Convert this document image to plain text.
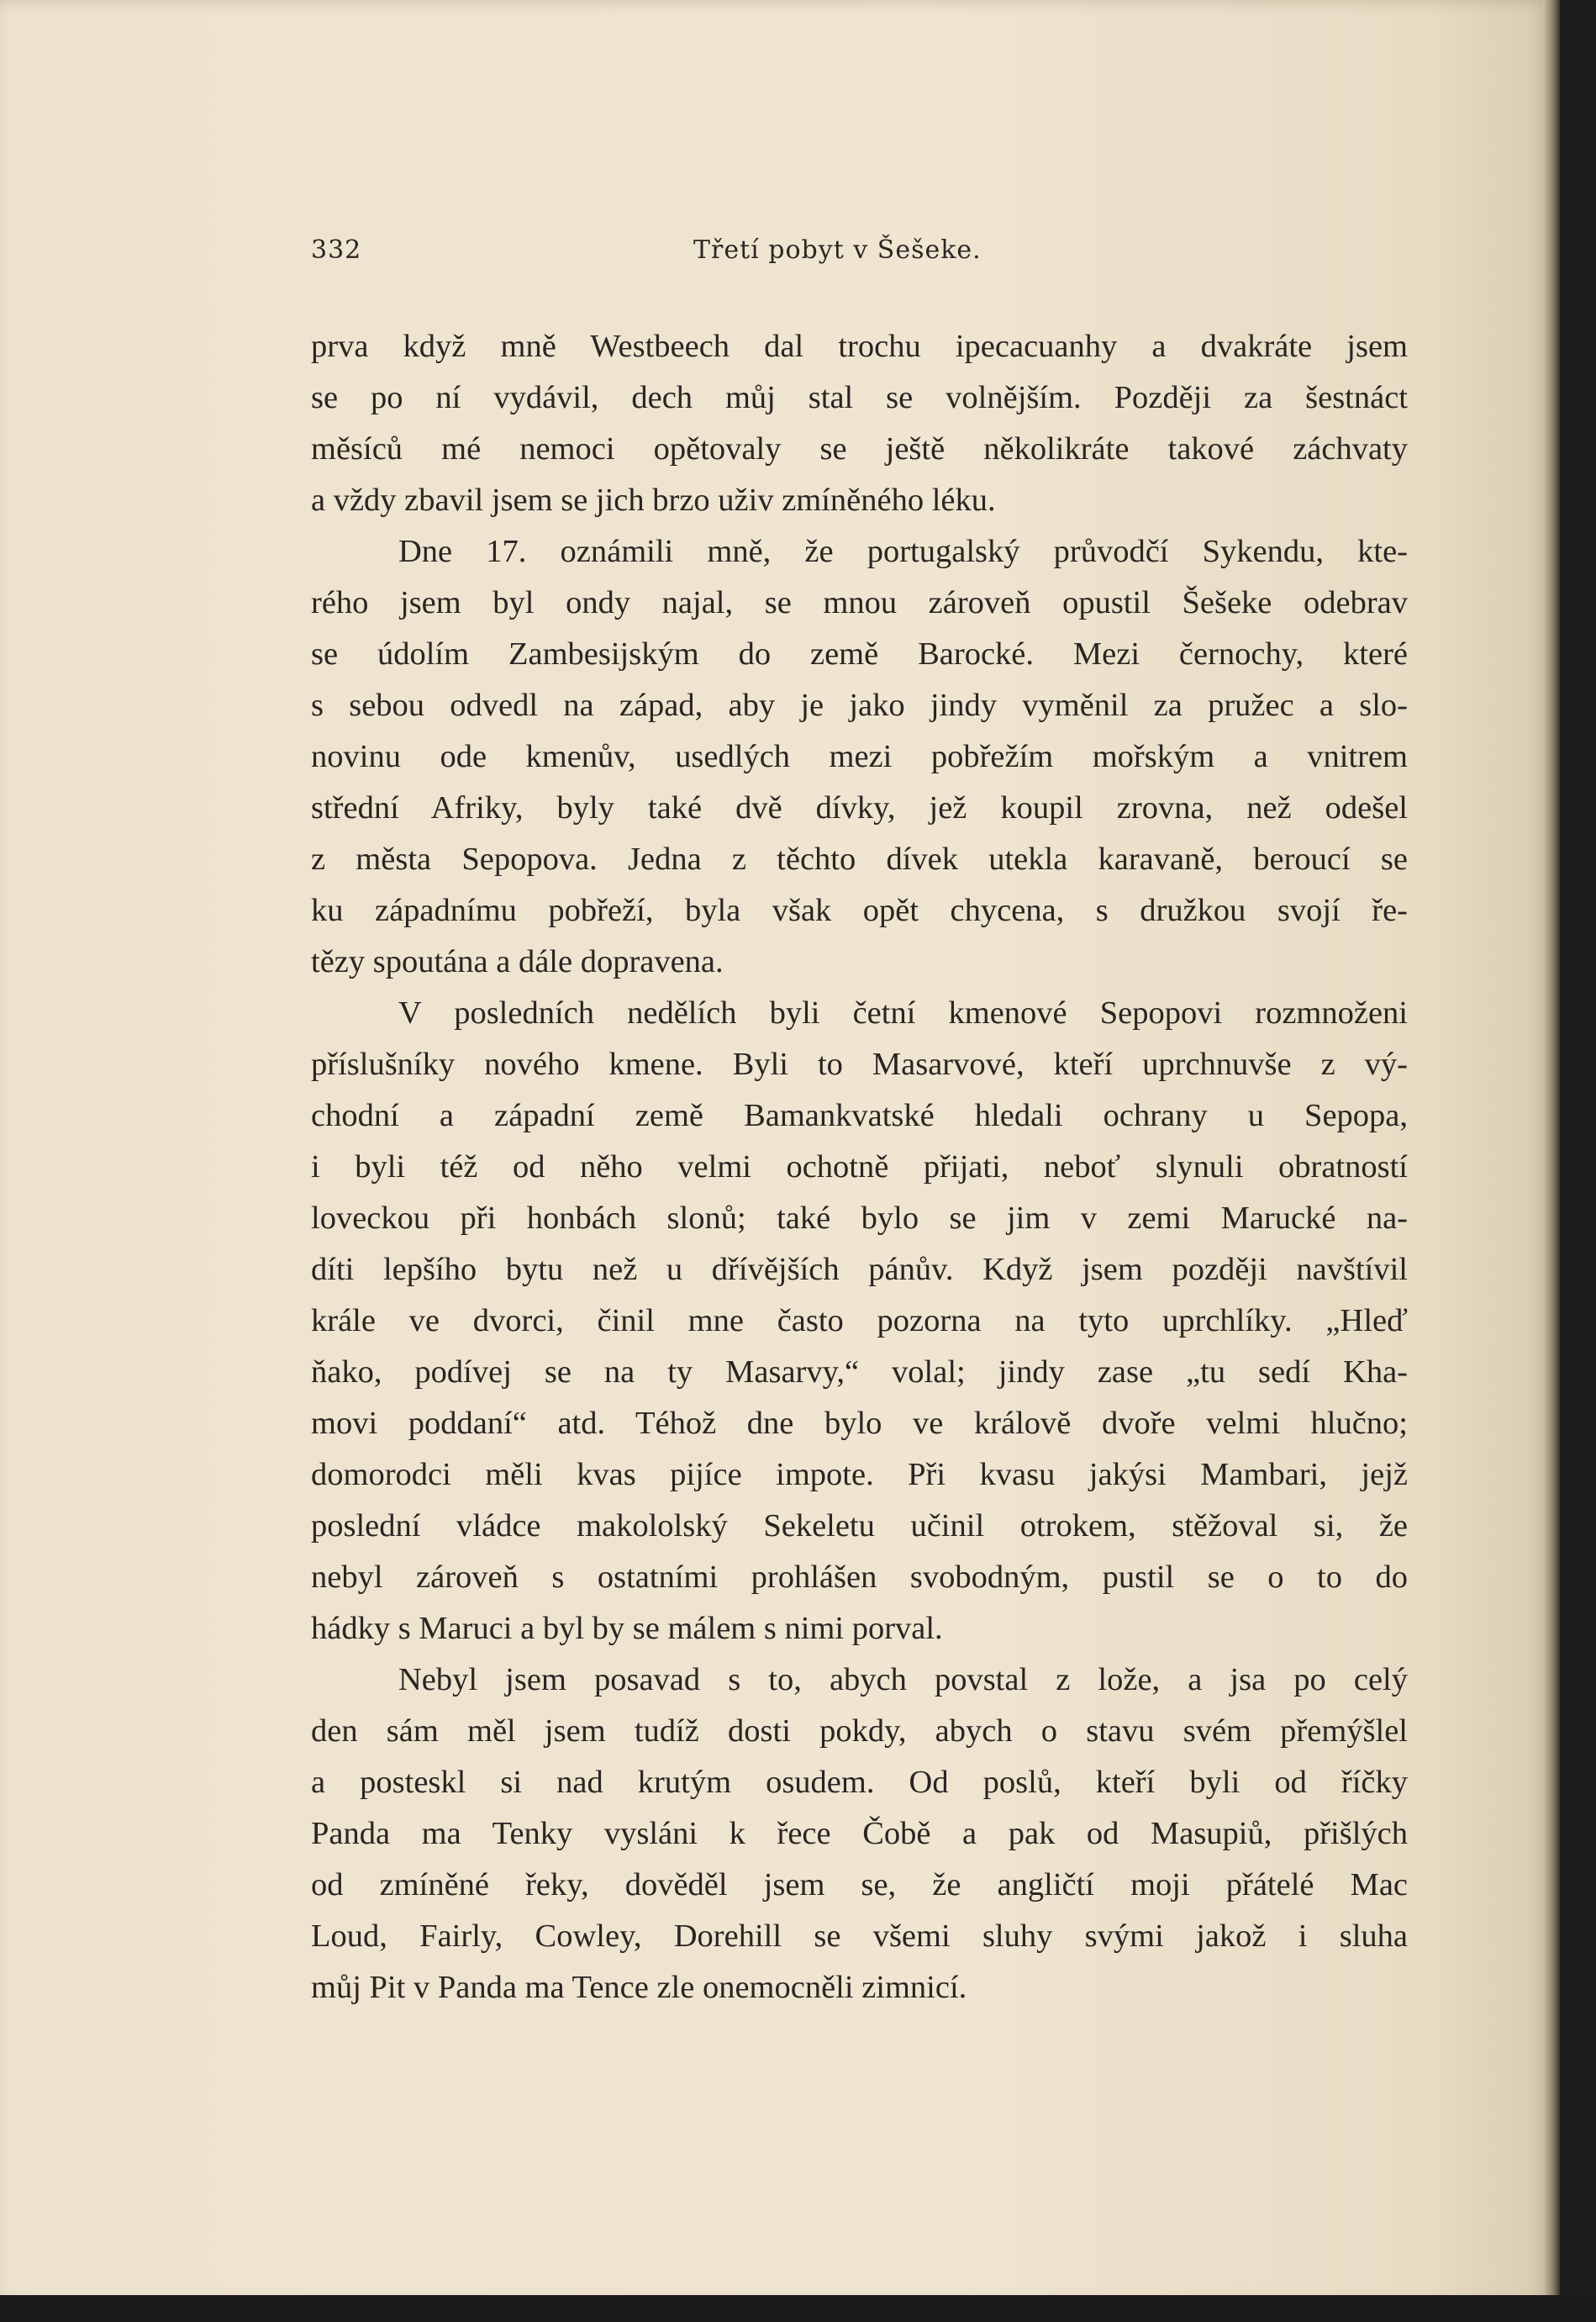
332	Třetí pobyt v Šešeke.
prva když mně Westbeech dal trochu ipecacuanhy a dvakráte jsem
se po ní vydávil, dech můj stal se volnějším. Později za šestnáct
měsíců mé nemoci opětovaly se ještě několikráte takové záchvaty
a vždy zbavil jsem se jich brzo uživ zmíněného léku.
Dne 17. oznámili mně, že portugalský průvodčí Sykendu, kte-
rého jsem byl ondy najal, se mnou zároveň opustil Šešeke odebrav
se údolím Zambesijským do země Barocké. Mezi černochy, které
s sebou odvedl na západ, aby je jako jindy vyměnil za pružec a slo-
novinu ode kmenův, usedlých mezi pobřežím mořským a vnitrem
střední Afriky, byly také dvě dívky, jež koupil zrovna, než odešel
z města Sepopova. Jedna z těchto dívek utekla karavaně, beroucí se
ku západnímu pobřeží, byla však opět chycena, s družkou svojí ře-
tězy spoutána a dále dopravena.
V posledních nedělích byli četní kmenové Sepopovi rozmnoženi
příslušníky nového kmene. Byli to Masarvové, kteří uprchnuvše z vý-
chodní a západní země Bamankvatské hledali ochrany u Sepopa,
i byli též od něho velmi ochotně přijati, neboť slynuli obratností
loveckou při honbách slonů; také bylo se jim v zemi Marucké na-
díti lepšího bytu než u dřívějších pánův. Když jsem později navštívil
krále ve dvorci, činil mne často pozorna na tyto uprchlíky. „Hleď
ňako, podívej se na ty Masarvy,“ volal; jindy zase „tu sedí Kha-
movi poddaní“ atd. Téhož dne bylo ve královĕ dvoře velmi hlučno;
domorodci měli kvas pijíce impote. Při kvasu jakýsi Mambari, jejž
poslední vládce makololský Sekeletu učinil otrokem, stěžoval si, že
nebyl zároveň s ostatními prohlášen svobodným, pustil se o to do
hádky s Maruci a byl by se málem s nimi porval.
Nebyl jsem posavad s to, abych povstal z lože, a jsa po celý
den sám měl jsem tudíž dosti pokdy, abych o stavu svém přemýšlel
a posteskl si nad krutým osudem. Od poslů, kteří byli od říčky
Panda ma Tenky vysláni k řece Čobě a pak od Masupiů, přišlých
od zmíněné řeky, dověděl jsem se, že angličtí moji přátelé Mac
Loud, Fairly, Cowley, Dorehill se všemi sluhy svými jakož i sluha
můj Pit v Panda ma Tence zle onemocněli zimnicí.
